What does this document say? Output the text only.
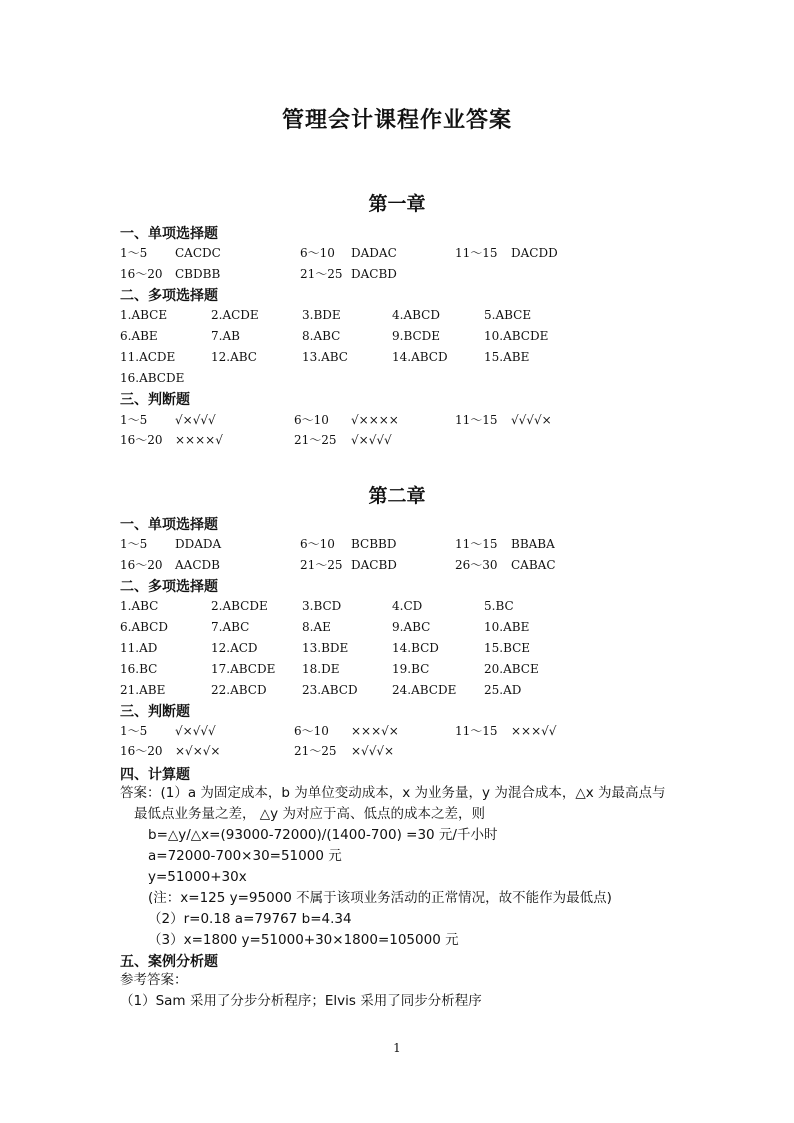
管理会计课程作业答案
第一章
一、单项选择题
1～5 CACDC	6～10 DADAC	11～15 DACDD
16～20 CBDBB	21～25 DACBD
二、多项选择题
1.ABCE	2.ACDE	3.BDE	4.ABCD	5.ABCE
6.ABE	7.AB	8.ABC	9.BCDE	10.ABCDE
11.ACDE	12.ABC	13.ABC	14.ABCD	15.ABE
16.ABCDE
三、判断题
1～5 √×√√√	6～10 √××××	11～15 √√√√×
16～20 ××××√	21～25 √×√√√
第二章
一、单项选择题
1～5 DDADA	6～10 BCBBD	11～15 BBABA
16～20 AACDB	21～25 DACBD	26～30 CABAC
二、多项选择题
1.ABC	2.ABCDE	3.BCD	4.CD	5.BC
6.ABCD	7.ABC	8.AE	9.ABC	10.ABE
11.AD	12.ACD	13.BDE	14.BCD	15.BCE
16.BC	17.ABCDE 18.DE	19.BC	20.ABCE
21.ABE	22.ABCD	23.ABCD	24.ABCDE 25.AD
三、判断题
1～5 √×√√√	6～10 ×××√×	11～15 ×××√√
16～20 ×√×√×	21～25 ×√√√×
四、计算题
答案：(1）a 为固定成本，b 为单位变动成本，x 为业务量，y 为混合成本，△x 为最高点与
最低点业务量之差， △y 为对应于高、低点的成本之差，则
b=△y/△x=(93000-72000)/(1400-700) =30 元/千小时
a=72000-700×30=51000 元
y=51000+30x
(注：x=125 y=95000 不属于该项业务活动的正常情况，故不能作为最低点)
（2）r=0.18 a=79767 b=4.34
（3）x=1800 y=51000+30×1800=105000 元
五、案例分析题
参考答案：
（1）Sam 采用了分步分析程序；Elvis 采用了同步分析程序
1
